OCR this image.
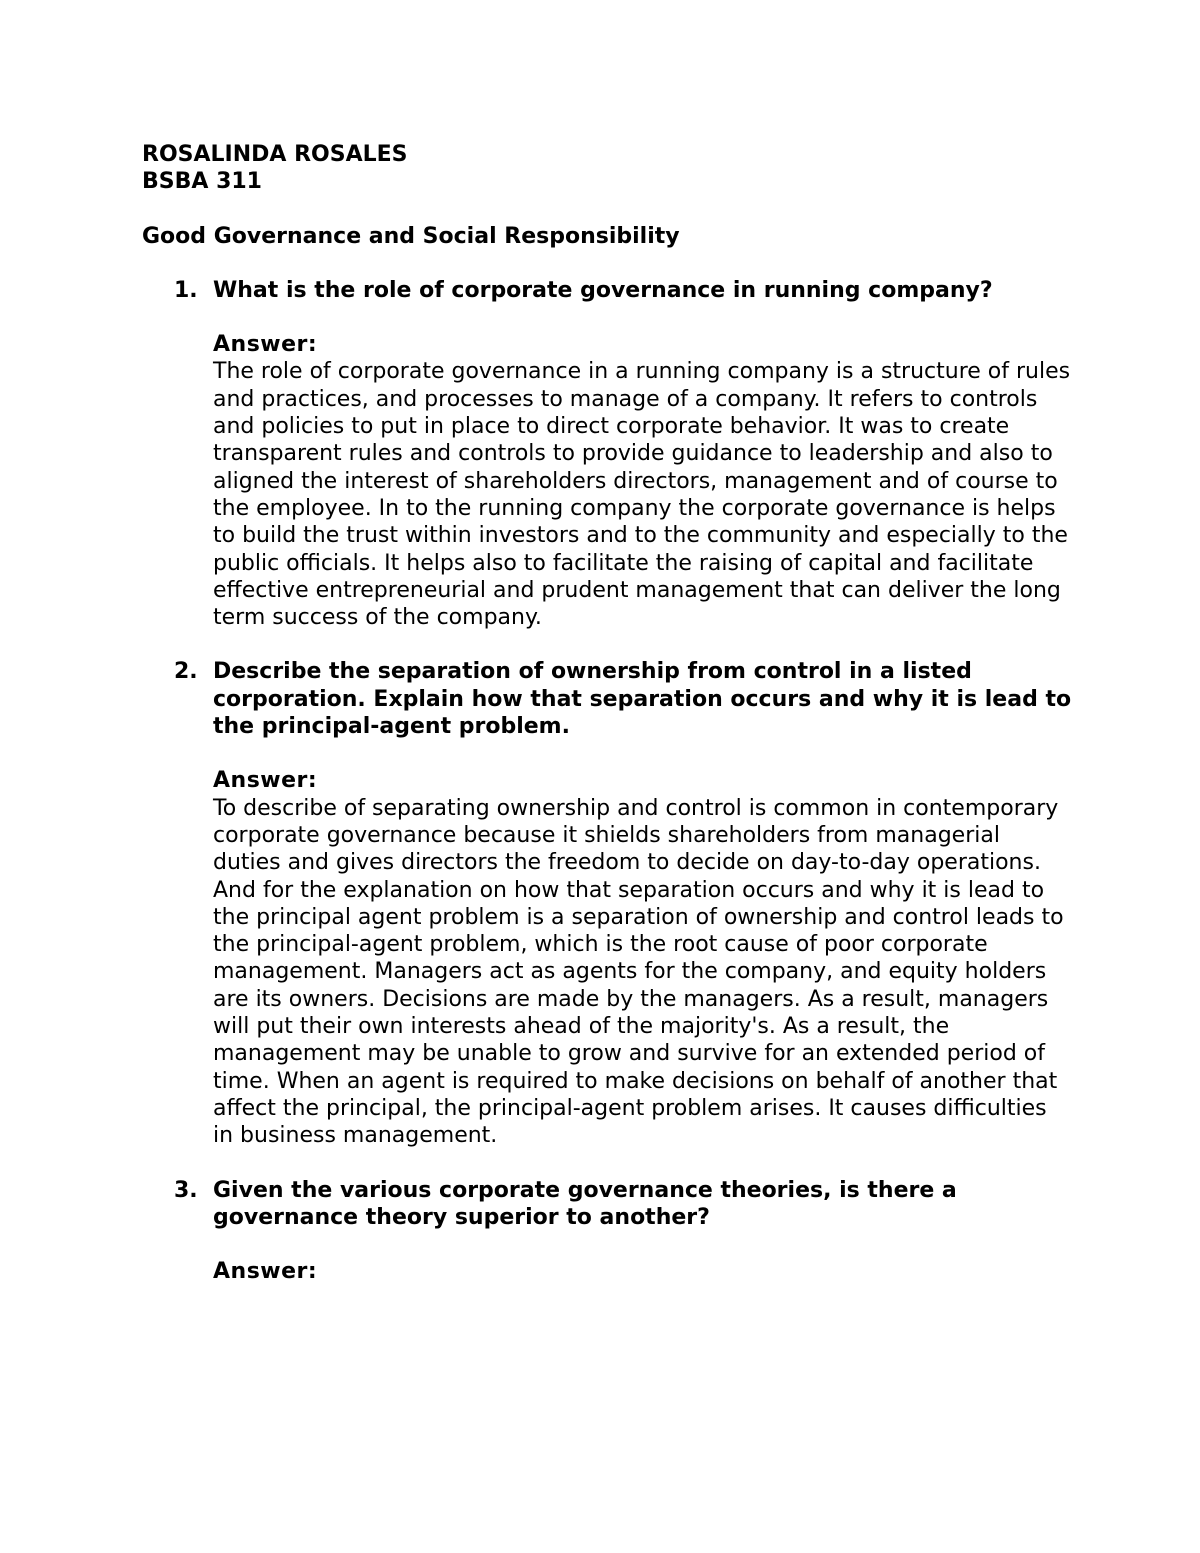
ROSALINDA ROSALES

BSBA 311

Good Governance and Social Responsibility

1. What is the role of corporate governance in running company?

Answer:

The role of corporate governance in a running company is a structure of rules and practices, and processes to manage of a company. It refers to controls and policies to put in place to direct corporate behavior. It was to create transparent rules and controls to provide guidance to leadership and also to aligned the interest of shareholders directors, management and of course to the employee. In to the running company the corporate governance is helps to build the trust within investors and to the community and especially to the public officials. It helps also to facilitate the raising of capital and facilitate effective entrepreneurial and prudent management that can deliver the long term success of the company.

2. Describe the separation of ownership from control in a listed corporation. Explain how that separation occurs and why it is lead to the principal-agent problem.

Answer:

To describe of separating ownership and control is common in contemporary corporate governance because it shields shareholders from managerial duties and gives directors the freedom to decide on day-to-day operations.

And for the explanation on how that separation occurs and why it is lead to the principal agent problem is a separation of ownership and control leads to the principal-agent problem, which is the root cause of poor corporate management. Managers act as agents for the company, and equity holders are its owners. Decisions are made by the managers. As a result, managers will put their own interests ahead of the majority's. As a result, the management may be unable to grow and survive for an extended period of time. When an agent is required to make decisions on behalf of another that affect the principal, the principal-agent problem arises. It causes difficulties in business management.

3. Given the various corporate governance theories, is there a governance theory superior to another?

Answer:
